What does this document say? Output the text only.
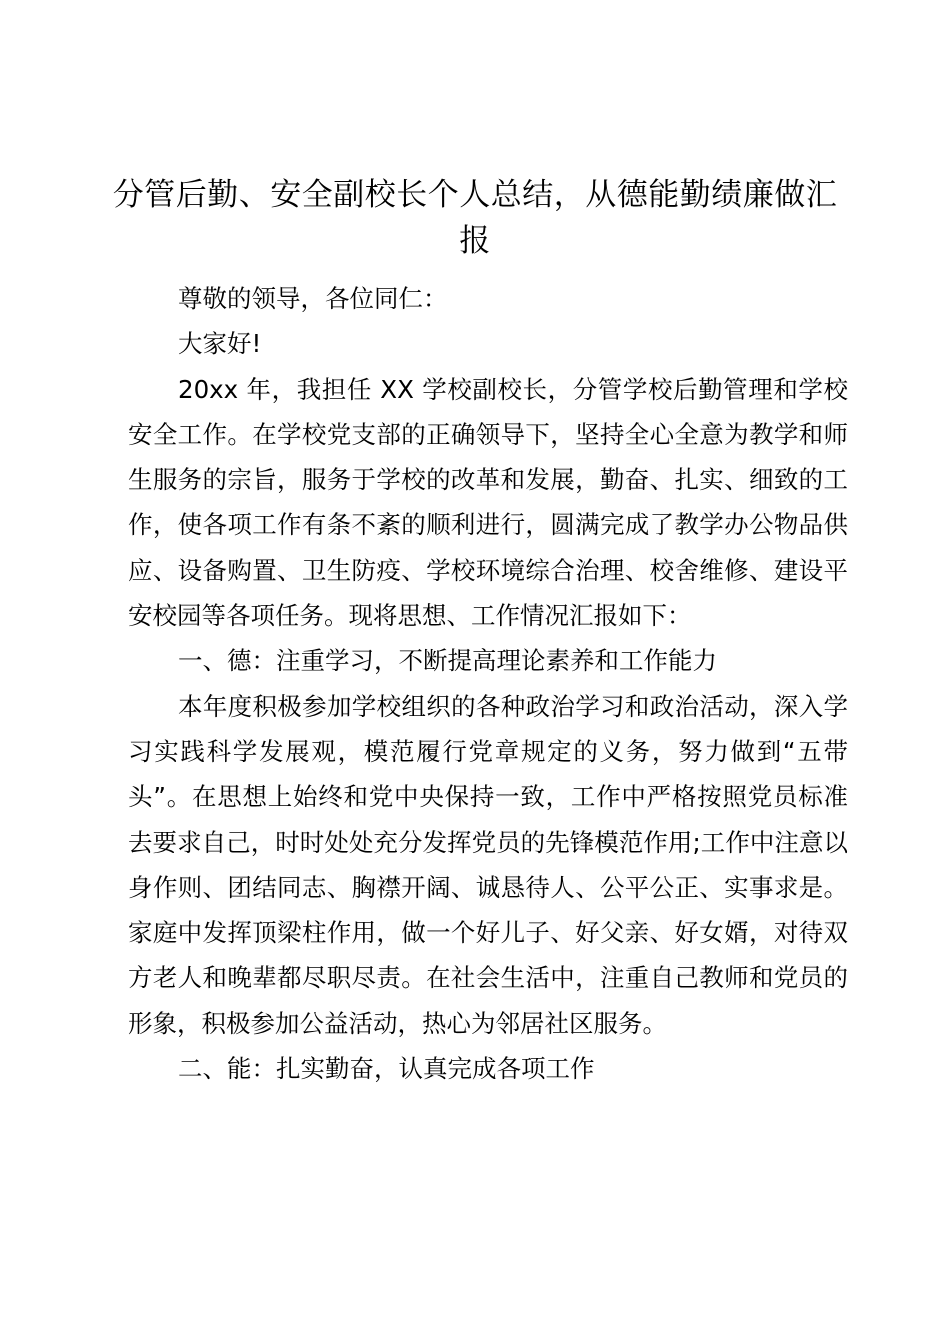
分管后勤、安全副校长个人总结，从德能勤绩廉做汇报

尊敬的领导，各位同仁：

大家好!

20xx 年，我担任 XX 学校副校长，分管学校后勤管理和学校安全工作。在学校党支部的正确领导下，坚持全心全意为教学和师生服务的宗旨，服务于学校的改革和发展，勤奋、扎实、细致的工作，使各项工作有条不紊的顺利进行，圆满完成了教学办公物品供应、设备购置、卫生防疫、学校环境综合治理、校舍维修、建设平安校园等各项任务。现将思想、工作情况汇报如下：

一、德：注重学习，不断提高理论素养和工作能力

本年度积极参加学校组织的各种政治学习和政治活动，深入学习实践科学发展观，模范履行党章规定的义务，努力做到“五带头”。在思想上始终和党中央保持一致，工作中严格按照党员标准去要求自己，时时处处充分发挥党员的先锋模范作用;工作中注意以身作则、团结同志、胸襟开阔、诚恳待人、公平公正、实事求是。家庭中发挥顶梁柱作用，做一个好儿子、好父亲、好女婿，对待双方老人和晚辈都尽职尽责。在社会生活中，注重自己教师和党员的形象，积极参加公益活动，热心为邻居社区服务。

二、能：扎实勤奋，认真完成各项工作
